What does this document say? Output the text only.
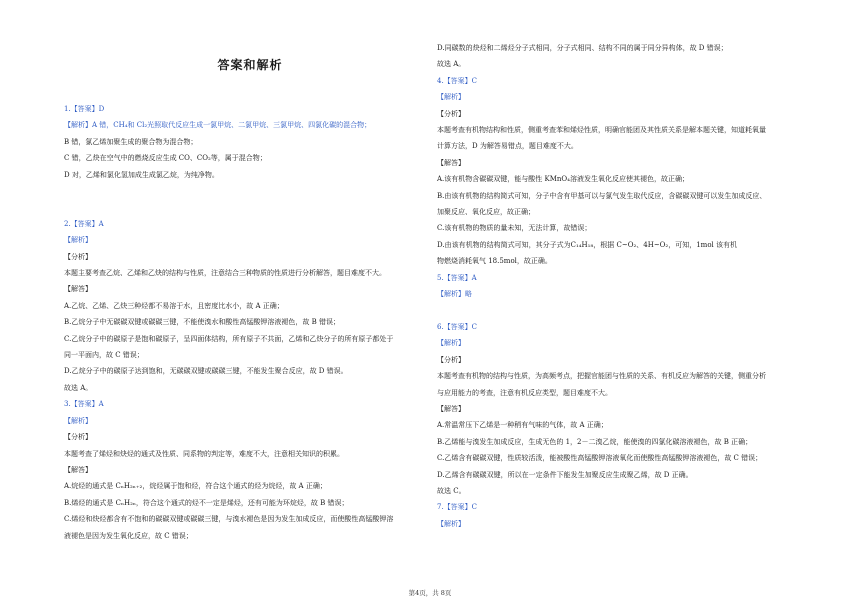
答案和解析
1.【答案】D
【解析】A 错，CH₄和 Cl₂光照取代反应生成一氯甲烷、二氯甲烷、三氯甲烷、四氯化碳的混合物；
B 错，氯乙烯加聚生成的聚合物为混合物；
C 错，乙炔在空气中的燃烧反应生成 CO、CO₂等，属于混合物；
D 对，乙烯和氯化氢加成生成氯乙烷，为纯净物。
2.【答案】A
【解析】
【分析】
本题主要考查乙烷、乙烯和乙炔的结构与性质，注意结合三种物质的性质进行分析解答，题目难度不大。
【解答】
A.乙烷、乙烯、乙炔三种烃都不易溶于水，且密度比水小，故 A 正确；
B.乙烷分子中无碳碳双键或碳碳三键，不能使溴水和酸性高锰酸钾溶液褪色，故 B 错误；
C.乙烷分子中的碳原子是饱和碳原子，呈四面体结构，所有原子不共面，乙烯和乙炔分子的所有原子都处于
同一平面内，故 C 错误；
D.乙烷分子中的碳原子达到饱和，无碳碳双键或碳碳三键，不能发生聚合反应，故 D 错误。
故选 A。
3.【答案】A
【解析】
【分析】
本题考查了烯烃和炔烃的通式及性质、同系物的判定等，难度不大，注意相关知识的积累。
【解答】
A.烷烃的通式是 CₙH₂ₙ₊₂，烷烃属于饱和烃，符合这个通式的烃为烷烃，故 A 正确；
B.烯烃的通式是 CₙH₂ₙ，符合这个通式的烃不一定是烯烃，还有可能为环烷烃，故 B 错误；
C.烯烃和炔烃都含有不饱和的碳碳双键或碳碳三键，与溴水褪色是因为发生加成反应，而使酸性高锰酸钾溶
液褪色是因为发生氧化反应，故 C 错误；
D.同碳数的炔烃和二烯烃分子式相同，分子式相同、结构不同的属于同分异构体，故 D 错误；
故选 A。
4.【答案】C
【解析】
【分析】
本题考查有机物结构和性质，侧重考查苯和烯烃性质，明确官能团及其性质关系是解本题关键，知道耗氧量
计算方法，D 为解答易错点，题目难度不大。
【解答】
A.该有机物含碳碳双键，能与酸性 KMnO₄溶液发生氧化反应使其褪色，故正确；
B.由该有机物的结构简式可知，分子中含有甲基可以与氯气发生取代反应，含碳碳双键可以发生加成反应、
加聚反应、氧化反应，故正确；
C.该有机物的物质的量未知，无法计算，故错误；
D.由该有机物的结构简式可知，其分子式为C₁₄H₁₈，根据 C~O₂、4H~O₂，可知，1mol 该有机
物燃烧消耗氧气 18.5mol，故正确。
5.【答案】A
【解析】略
6.【答案】C
【解析】
【分析】
本题考查有机物的结构与性质，为高频考点，把握官能团与性质的关系、有机反应为解答的关键，侧重分析
与应用能力的考查，注意有机反应类型，题目难度不大。
【解答】
A.常温常压下乙烯是一种稍有气味的气体，故 A 正确；
B.乙烯能与溴发生加成反应，生成无色的 1，2－二溴乙烷，能使溴的四氯化碳溶液褪色，故 B 正确；
C.乙烯含有碳碳双键，性质较活泼，能被酸性高锰酸钾溶液氧化而使酸性高锰酸钾溶液褪色，故 C 错误；
D.乙烯含有碳碳双键，所以在一定条件下能发生加聚反应生成聚乙烯，故 D 正确。
故选 C。
7.【答案】C
【解析】
第4页，共 8页
